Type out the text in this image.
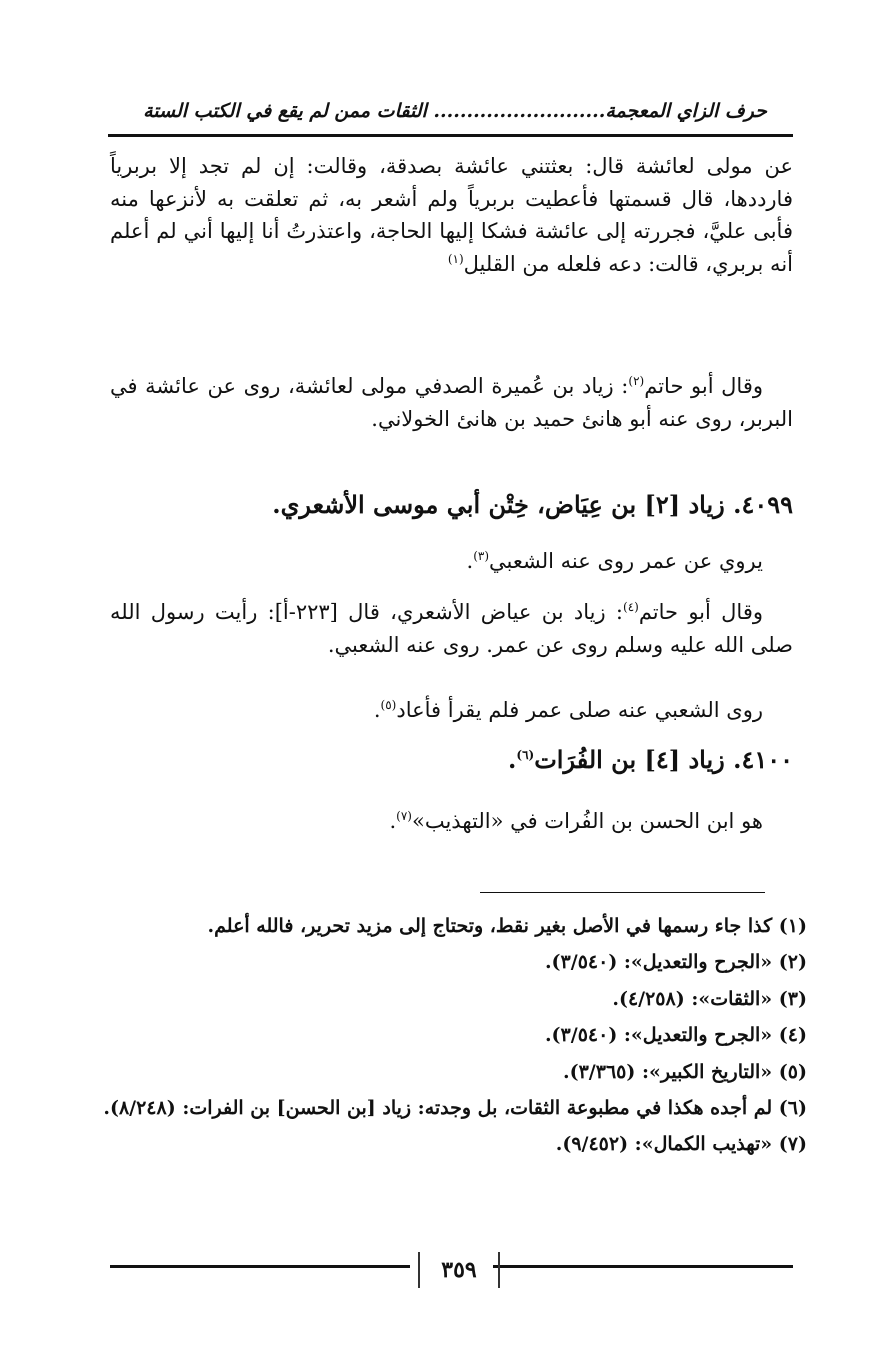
حرف الزاي المعجمة.......................... الثقات ممن لم يقع في الكتب الستة

عن مولى لعائشة قال: بعثتني عائشة بصدقة، وقالت: إن لم تجد إلا بربرياً فارددها، قال قسمتها فأعطيت بربرياً ولم أشعر به، ثم تعلقت به لأنزعها منه فأبى عليَّ، فجررته إلى عائشة فشكا إليها الحاجة، واعتذرتُ أنا إليها أني لم أعلم أنه بربري، قالت: دعه فلعله من القليل$^{(١)}$

وقال أبو حاتم$^{(٢)}$: زياد بن عُميرة الصدفي مولى لعائشة، روى عن عائشة في البربر، روى عنه أبو هانئ حميد بن هانئ الخولاني.

٤٠٩٩. زياد [٢] بن عِيَاض، خِتْن أبي موسى الأشعري.

يروي عن عمر روى عنه الشعبي$^{(٣)}$.

وقال أبو حاتم$^{(٤)}$: زياد بن عياض الأشعري، قال [٢٢٣-أ]: رأيت رسول الله صلى الله عليه وسلم روى عن عمر. روى عنه الشعبي.

روى الشعبي عنه صلى عمر فلم يقرأ فأعاد$^{(٥)}$.

٤١٠٠. زياد [٤] بن الفُرَات$^{(٦)}$.

هو ابن الحسن بن الفُرات في «التهذيب»$^{(٧)}$.

(١) كذا جاء رسمها في الأصل بغير نقط، وتحتاج إلى مزيد تحرير، فالله أعلم.

(٢) «الجرح والتعديل»: (٣/٥٤٠).

(٣) «الثقات»: (٤/٢٥٨).

(٤) «الجرح والتعديل»: (٣/٥٤٠).

(٥) «التاريخ الكبير»: (٣/٣٦٥).

(٦) لم أجده هكذا في مطبوعة الثقات، بل وجدته: زياد [بن الحسن] بن الفرات: (٨/٢٤٨).

(٧) «تهذيب الكمال»: (٩/٤٥٢).

٣٥٩
